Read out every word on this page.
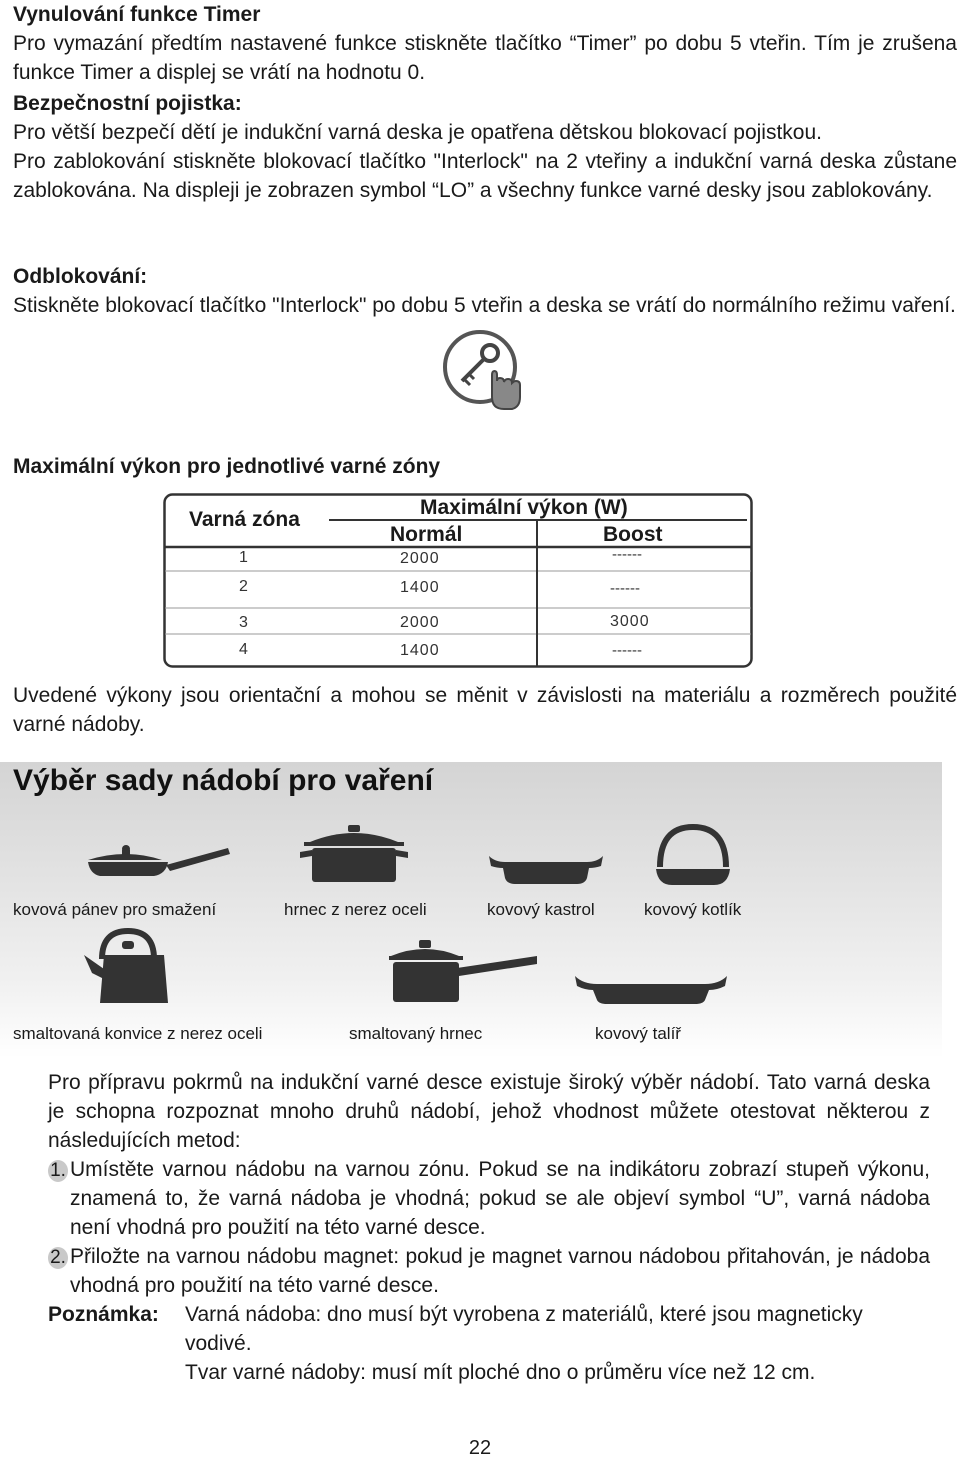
Vynulování funkce Timer

Pro vymazání předtím nastavené funkce stiskněte tlačítko “Timer” po dobu 5 vteřin. Tím je zrušena funkce Timer a displej se vrátí na hodnotu 0.

Bezpečnostní pojistka:

Pro větší bezpečí dětí je indukční varná deska je opatřena dětskou blokovací pojistkou.

Pro zablokování stiskněte blokovací tlačítko "Interlock" na 2 vteřiny a indukční varná deska zůstane zablokována. Na displeji je zobrazen symbol “LO” a všechny funkce varné desky jsou zablokovány.

Odblokování:

Stiskněte blokovací tlačítko "Interlock" po dobu 5 vteřin a deska se vrátí do normálního režimu vaření.

Maximální výkon pro jednotlivé varné zóny
Varná zóna
Maximální výkon (W)
Normál	Boost
1	2000	------
2	1400	------
3	2000	3000
4	1400	------

Uvedené výkony jsou orientační a mohou se měnit v závislosti na materiálu a rozměrech použité varné nádoby.

Výběr sady nádobí pro vaření
kovová pánev pro smažení	hrnec z nerez oceli	kovový kastrol	kovový kotlík
smaltovaná konvice z nerez oceli	smaltovaný hrnec	kovový talíř

Pro přípravu pokrmů na indukční varné desce existuje široký výběr nádobí. Tato varná deska je schopna rozpoznat mnoho druhů nádobí, jehož vhodnost můžete otestovat některou z následujících metod:

1. Umístěte varnou nádobu na varnou zónu. Pokud se na indikátoru zobrazí stupeň výkonu, znamená to, že varná nádoba je vhodná; pokud se ale objeví symbol “U”, varná nádoba není vhodná pro použití na této varné desce.

2. Přiložte na varnou nádobu magnet: pokud je magnet varnou nádobou přitahován, je nádoba vhodná pro použití na této varné desce.

Poznámka:	Varná nádoba: dno musí být vyrobena z materiálů, které jsou magneticky vodivé.

Tvar varné nádoby: musí mít ploché dno o průměru více než 12 cm.

22
